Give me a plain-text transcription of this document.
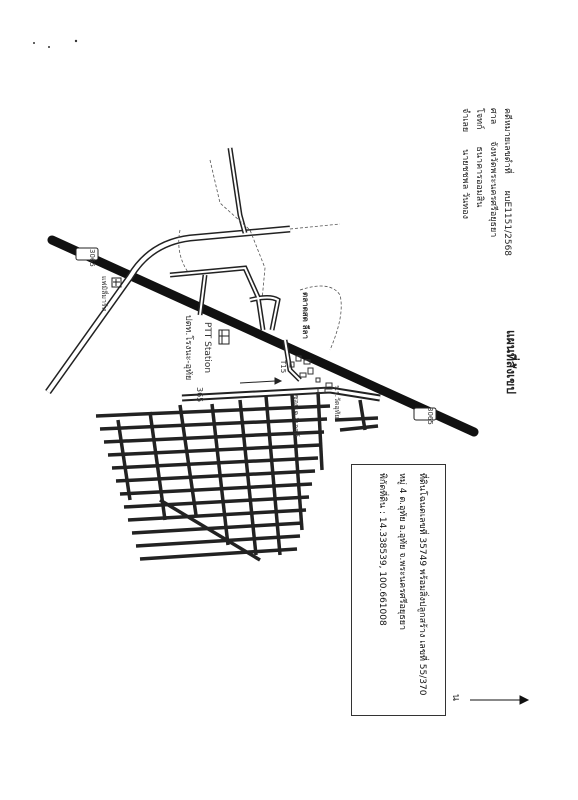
คดีหมายเลขดำที่ ผบE1151/2568
ศาล จังหวัดพระนครศรีอยุธยา
โจทก์ ธนาคารออมสิน
จำเลย นายชชพล วันทอง
แผนที่สังเขป
3065
3065
365
แฟมิลี่มาร์ท	ตลาดสด ลีลา
PTT Station
ปตท.โรงนะ-อุทัย
ร.ร.วัดอุทัย
ซอยเค.ลีเอสต์
T15
ที่ดินโฉนดเลขที่ 35749 พร้อมสิ่งปลูกสร้าง เลขที่ 55/370
หมู่ 4 ต.อุทัย อ.อุทัย จ.พระนครศรีอยุธยา
พิกัดที่ดิน : 14.338539, 100.661008
น
